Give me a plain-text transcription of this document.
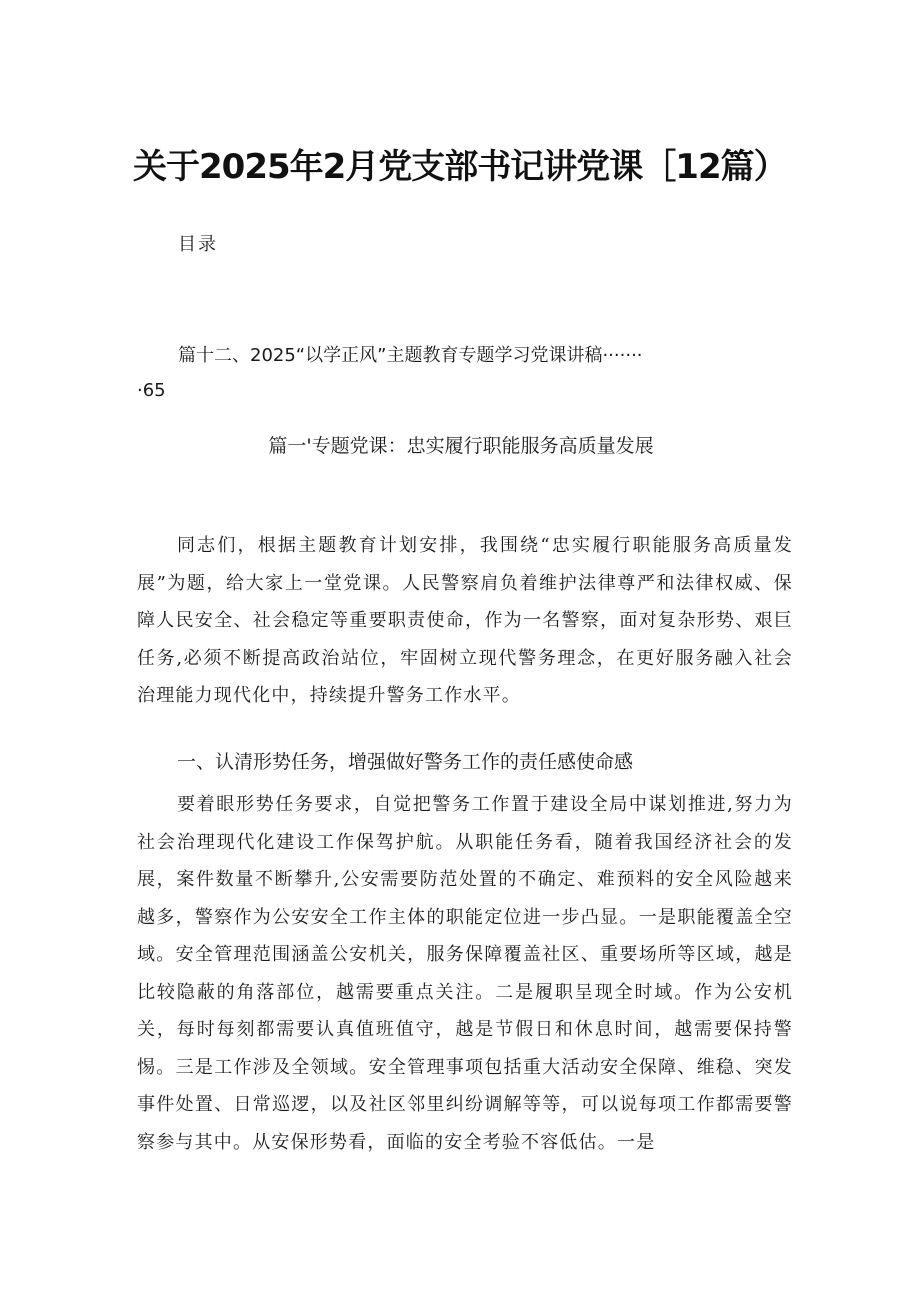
关于2025年2月党支部书记讲党课［12篇）
目录
篇十二、2025“以学正风”主题教育专题学习党课讲稿·······
·65
篇一'专题党课：忠实履行职能服务高质量发展
同志们，根据主题教育计划安排，我围绕“忠实履行职能服务高质量发展”为题，给大家上一堂党课。人民警察肩负着维护法律尊严和法律权威、保障人民安全、社会稳定等重要职责使命，作为一名警察，面对复杂形势、艰巨任务,必须不断提高政治站位，牢固树立现代警务理念，在更好服务融入社会治理能力现代化中，持续提升警务工作水平。
一、认清形势任务，增强做好警务工作的责任感使命感
要着眼形势任务要求，自觉把警务工作置于建设全局中谋划推进,努力为社会治理现代化建设工作保驾护航。从职能任务看，随着我国经济社会的发展，案件数量不断攀升,公安需要防范处置的不确定、难预料的安全风险越来越多，警察作为公安安全工作主体的职能定位进一步凸显。一是职能覆盖全空域。安全管理范围涵盖公安机关，服务保障覆盖社区、重要场所等区域，越是比较隐蔽的角落部位，越需要重点关注。二是履职呈现全时域。作为公安机关，每时每刻都需要认真值班值守，越是节假日和休息时间，越需要保持警惕。三是工作涉及全领域。安全管理事项包括重大活动安全保障、维稳、突发事件处置、日常巡逻，以及社区邻里纠纷调解等等，可以说每项工作都需要警察参与其中。从安保形势看，面临的安全考验不容低估。一是
